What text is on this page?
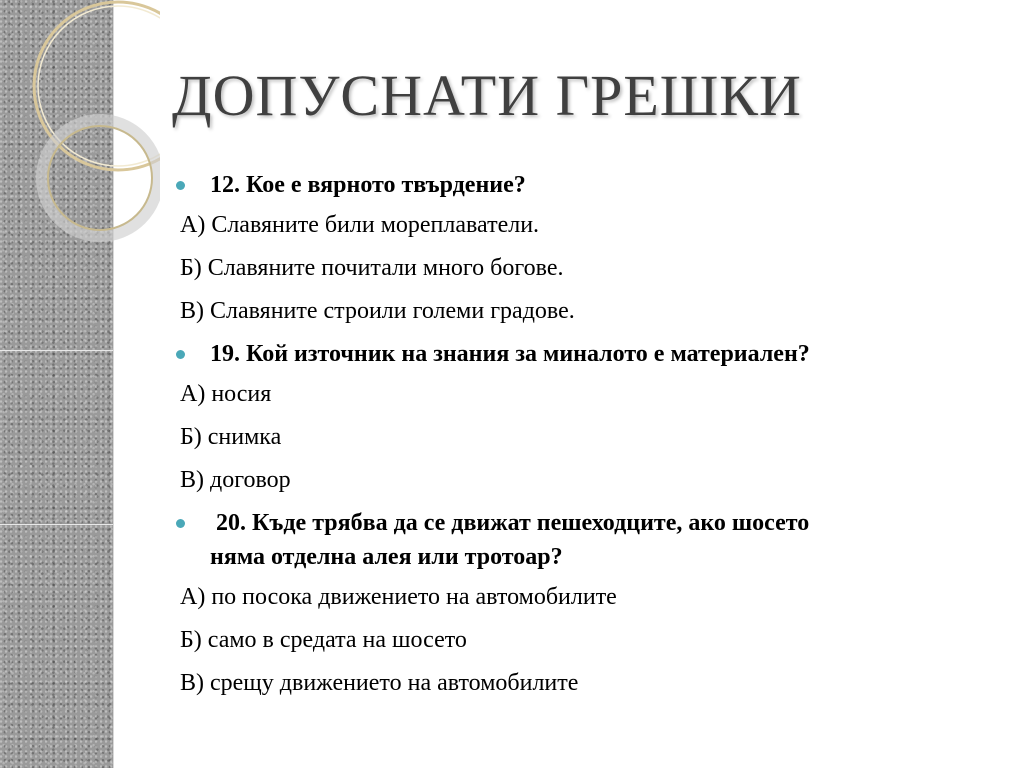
ДОПУСНАТИ ГРЕШКИ
12. Кое е вярното твърдение?
А) Славяните били мореплаватели.
Б) Славяните почитали много богове.
В) Славяните строили големи градове.
19. Кой източник на знания за миналото е материален?
А) носия
Б) снимка
В) договор
20. Къде трябва да се движат пешеходците, ако шосето
няма отделна алея или тротоар?
А) по посока движението на автомобилите
Б) само в средата на шосето
В) срещу движението на автомобилите
